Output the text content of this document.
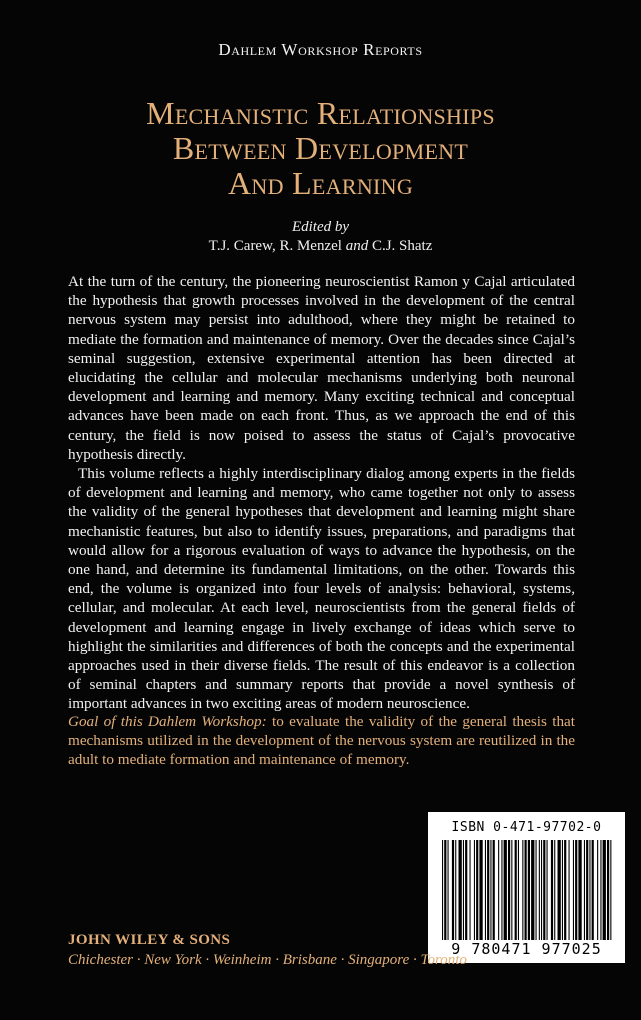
Dahlem Workshop Reports
Mechanistic Relationships
Between Development
And Learning
Edited by
T.J. Carew, R. Menzel and C.J. Shatz

At the turn of the century, the pioneering neuroscientist Ramon y Cajal articulated the hypothesis that growth processes involved in the development of the central nervous system may persist into adulthood, where they might be retained to mediate the formation and maintenance of memory. Over the decades since Cajal’s seminal suggestion, extensive experimental attention has been directed at elucidating the cellular and molecular mechanisms underlying both neuronal development and learning and memory. Many exciting technical and conceptual advances have been made on each front. Thus, as we approach the end of this century, the field is now poised to assess the status of Cajal’s provocative hypothesis directly.

This volume reflects a highly interdisciplinary dialog among experts in the fields of development and learning and memory, who came together not only to assess the validity of the general hypotheses that development and learning might share mechanistic features, but also to identify issues, preparations, and paradigms that would allow for a rigorous evaluation of ways to advance the hypothesis, on the one hand, and determine its fundamental limitations, on the other. Towards this end, the volume is organized into four levels of analysis: behavioral, systems, cellular, and molecular. At each level, neuroscientists from the general fields of development and learning engage in lively exchange of ideas which serve to highlight the similarities and differences of both the concepts and the experimental approaches used in their diverse fields. The result of this endeavor is a collection of seminal chapters and summary reports that provide a novel synthesis of important advances in two exciting areas of modern neuroscience.

Goal of this Dahlem Workshop: to evaluate the validity of the general thesis that mechanisms utilized in the development of the nervous system are reutilized in the adult to mediate formation and maintenance of memory.
ISBN 0-471-97702-0
9 780471 977025
JOHN WILEY & SONS
Chichester · New York · Weinheim · Brisbane · Singapore · Toronto
